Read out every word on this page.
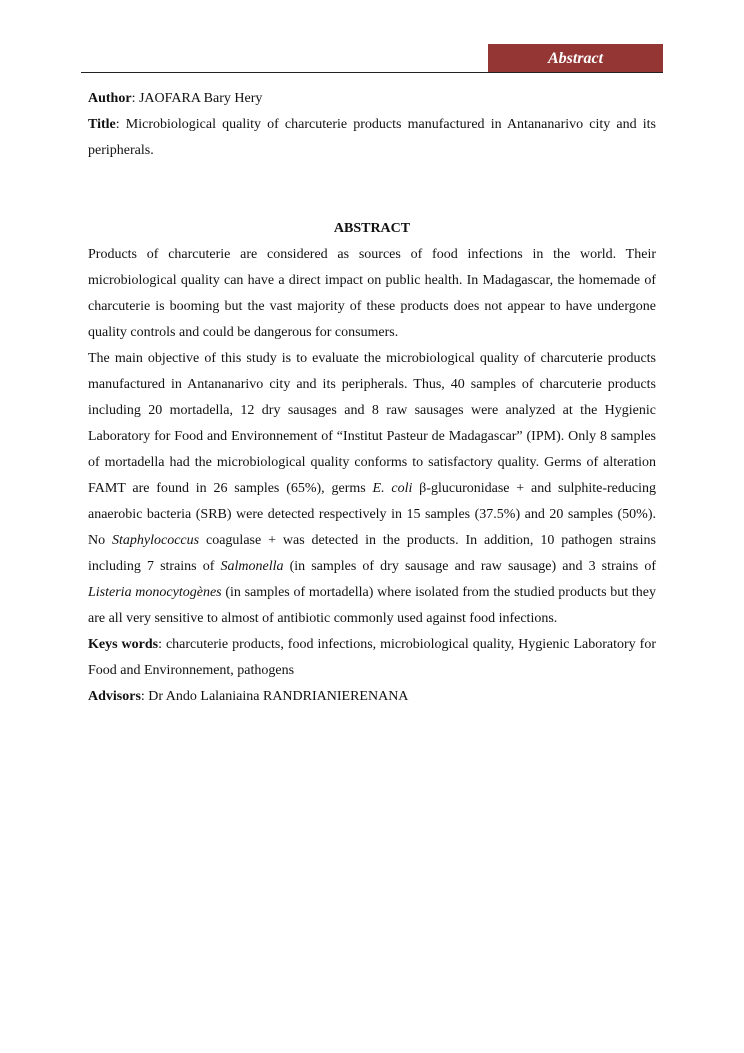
Abstract

Author: JAOFARA Bary Hery

Title: Microbiological quality of charcuterie products manufactured in Antananarivo city and its peripherals.

ABSTRACT

Products of charcuterie are considered as sources of food infections in the world. Their microbiological quality can have a direct impact on public health. In Madagascar, the homemade of charcuterie is booming but the vast majority of these products does not appear to have undergone quality controls and could be dangerous for consumers.

The main objective of this study is to evaluate the microbiological quality of charcuterie products manufactured in Antananarivo city and its peripherals. Thus, 40 samples of charcuterie products including 20 mortadella, 12 dry sausages and 8 raw sausages were analyzed at the Hygienic Laboratory for Food and Environnement of “Institut Pasteur de Madagascar” (IPM). Only 8 samples of mortadella had the microbiological quality conforms to satisfactory quality. Germs of alteration FAMT are found in 26 samples (65%), germs E. coli β-glucuronidase + and sulphite-reducing anaerobic bacteria (SRB) were detected respectively in 15 samples (37.5%) and 20 samples (50%). No Staphylococcus coagulase + was detected in the products. In addition, 10 pathogen strains including 7 strains of Salmonella (in samples of dry sausage and raw sausage) and 3 strains of Listeria monocytogènes (in samples of mortadella) where isolated from the studied products but they are all very sensitive to almost of antibiotic commonly used against food infections.

Keys words: charcuterie products, food infections, microbiological quality, Hygienic Laboratory for Food and Environnement, pathogens

Advisors: Dr Ando Lalaniaina RANDRIANIERENANA
